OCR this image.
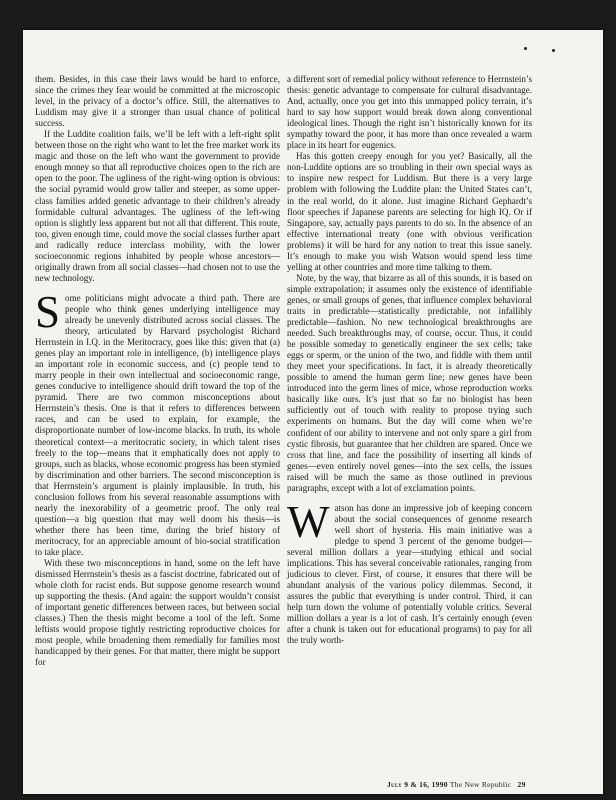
them. Besides, in this case their laws would be hard to enforce, since the crimes they fear would be committed at the microscopic level, in the privacy of a doctor’s office. Still, the alternatives to Luddism may give it a stronger than usual chance of political success.

If the Luddite coalition fails, we’ll be left with a left-right split between those on the right who want to let the free market work its magic and those on the left who want the government to provide enough money so that all reproductive choices open to the rich are open to the poor. The ugliness of the right-wing option is obvious: the social pyramid would grow taller and steeper, as some upper-class families added genetic advantage to their children’s already formidable cultural advantages. The ugliness of the left-wing option is slightly less apparent but not all that different. This route, too, given enough time, could move the social classes further apart and radically reduce interclass mobility, with the lower socioeconomic regions inhabited by people whose ancestors—originally drawn from all social classes—had chosen not to use the new technology.

Some politicians might advocate a third path. There are people who think genes underlying intelligence may already be unevenly distributed across social classes. The theory, articulated by Harvard psychologist Richard Herrnstein in I.Q. in the Meritocracy, goes like this: given that (a) genes play an important role in intelligence, (b) intelligence plays an important role in economic success, and (c) people tend to marry people in their own intellectual and socioeconomic range, genes conducive to intelligence should drift toward the top of the pyramid. There are two common misconceptions about Herrnstein’s thesis. One is that it refers to differences between races, and can be used to explain, for example, the disproportionate number of low-income blacks. In truth, its whole theoretical context—a meritocratic society, in which talent rises freely to the top—means that it emphatically does not apply to groups, such as blacks, whose economic progress has been stymied by discrimination and other barriers. The second misconception is that Herrnstein’s argument is plainly implausible. In truth, his conclusion follows from his several reasonable assumptions with nearly the inexorability of a geometric proof. The only real question—a big question that may well doom his thesis—is whether there has been time, during the brief history of meritocracy, for an appreciable amount of bio-social stratification to take place.

With these two misconceptions in hand, some on the left have dismissed Herrnstein’s thesis as a fascist doctrine, fabricated out of whole cloth for racist ends. But suppose genome research wound up supporting the thesis. (And again: the support wouldn’t consist of important genetic differences between races, but between social classes.) Then the thesis might become a tool of the left. Some leftists would propose tightly restricting reproductive choices for most people, while broadening them remedially for families most handicapped by their genes. For that matter, there might be support for

a different sort of remedial policy without reference to Herrnstein’s thesis: genetic advantage to compensate for cultural disadvantage. And, actually, once you get into this unmapped policy terrain, it’s hard to say how support would break down along conventional ideological lines. Though the right isn’t historically known for its sympathy toward the poor, it has more than once revealed a warm place in its heart for eugenics.

Has this gotten creepy enough for you yet? Basically, all the non-Luddite options are so troubling in their own special ways as to inspire new respect for Luddism. But there is a very large problem with following the Luddite plan: the United States can’t, in the real world, do it alone. Just imagine Richard Gephardt’s floor speeches if Japanese parents are selecting for high IQ. Or if Singapore, say, actually pays parents to do so. In the absence of an effective international treaty (one with obvious verification problems) it will be hard for any nation to treat this issue sanely. It’s enough to make you wish Watson would spend less time yelling at other countries and more time talking to them.

Note, by the way, that bizarre as all of this sounds, it is based on simple extrapolation; it assumes only the existence of identifiable genes, or small groups of genes, that influence complex behavioral traits in predictable—statistically predictable, not infallibly predictable—fashion. No new technological breakthroughs are needed. Such breakthroughs may, of course, occur. Thus, it could be possible someday to genetically engineer the sex cells; take eggs or sperm, or the union of the two, and fiddle with them until they meet your specifications. In fact, it is already theoretically possible to amend the human germ line; new genes have been introduced into the germ lines of mice, whose reproduction works basically like ours. It’s just that so far no biologist has been sufficiently out of touch with reality to propose trying such experiments on humans. But the day will come when we’re confident of our ability to intervene and not only spare a girl from cystic fibrosis, but guarantee that her children are spared. Once we cross that line, and face the possibility of inserting all kinds of genes—even entirely novel genes—into the sex cells, the issues raised will be much the same as those outlined in previous paragraphs, except with a lot of exclamation points.

Watson has done an impressive job of keeping concern about the social consequences of genome research well short of hysteria. His main initiative was a pledge to spend 3 percent of the genome budget—several million dollars a year—studying ethical and social implications. This has several conceivable rationales, ranging from judicious to clever. First, of course, it ensures that there will be abundant analysis of the various policy dilemmas. Second, it assures the public that everything is under control. Third, it can help turn down the volume of potentially voluble critics. Several million dollars a year is a lot of cash. It’s certainly enough (even after a chunk is taken out for educational programs) to pay for all the truly worth-

July 9 & 16, 1990 The New Republic 29
